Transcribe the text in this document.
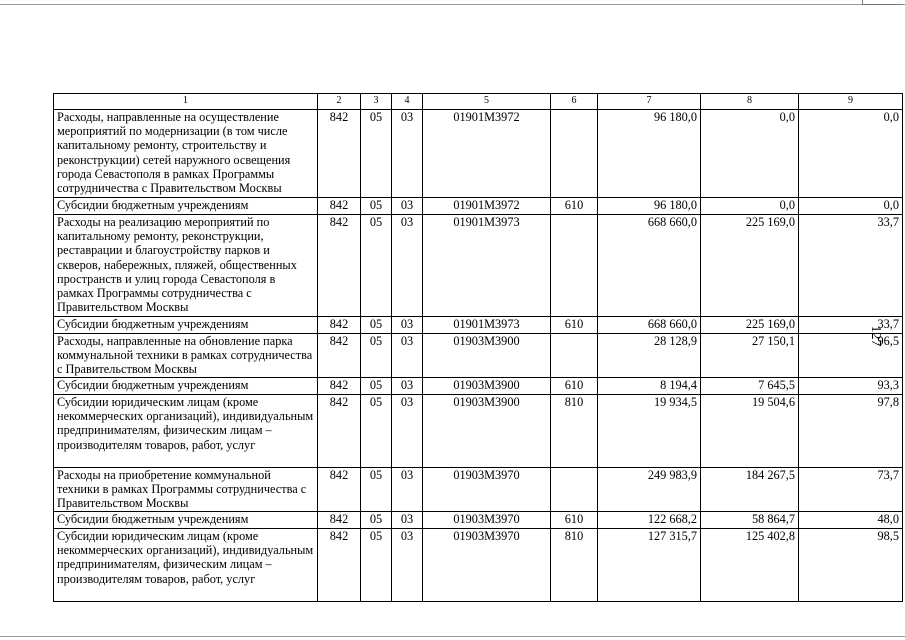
1	2	3	4	5	6	7	8	9
Расходы, направленные на осуществление мероприятий по модернизации (в том числе капитальному ремонту, строительству и реконструкции) сетей наружного освещения города Севастополя в рамках Программы сотрудничества с Правительством Москвы	842	05	03	01901М3972		96 180,0	0,0	0,0
Субсидии бюджетным учреждениям	842	05	03	01901М3972	610	96 180,0	0,0	0,0
Расходы на реализацию мероприятий по капитальному ремонту, реконструкции, реставрации и благоустройству парков и скверов, набережных, пляжей, общественных пространств и улиц города Севастополя в рамках Программы сотрудничества с Правительством Москвы	842	05	03	01901М3973		668 660,0	225 169,0	33,7
Субсидии бюджетным учреждениям	842	05	03	01901М3973	610	668 660,0	225 169,0	33,7
Расходы, направленные на обновление парка коммунальной техники в рамках сотрудничества с Правительством Москвы	842	05	03	01903М3900		28 128,9	27 150,1	96,5
Субсидии бюджетным учреждениям	842	05	03	01903М3900	610	8 194,4	7 645,5	93,3
Субсидии юридическим лицам (кроме некоммерческих организаций), индивидуальным предпринимателям, физическим лицам – производителям товаров, работ, услуг	842	05	03	01903М3900	810	19 934,5	19 504,6	97,8
Расходы на приобретение коммунальной техники в рамках Программы сотрудничества с Правительством Москвы	842	05	03	01903М3970		249 983,9	184 267,5	73,7
Субсидии бюджетным учреждениям	842	05	03	01903М3970	610	122 668,2	58 864,7	48,0
Субсидии юридическим лицам (кроме некоммерческих организаций), индивидуальным предпринимателям, физическим лицам – производителям товаров, работ, услуг	842	05	03	01903М3970	810	127 315,7	125 402,8	98,5
127
